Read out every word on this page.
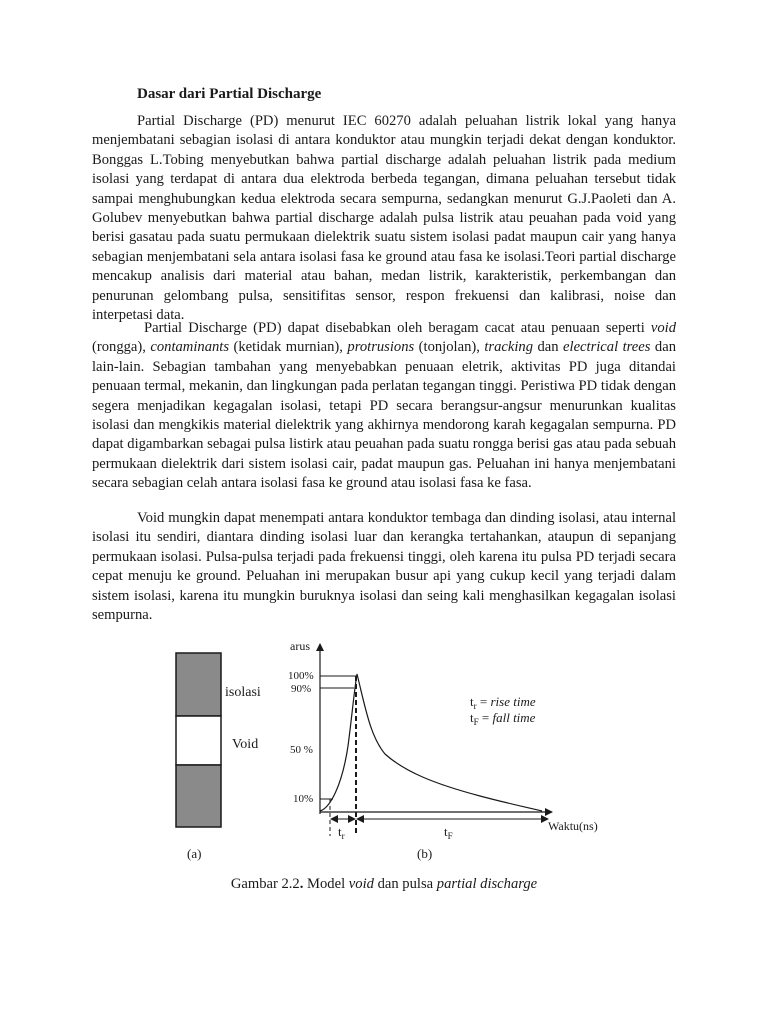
Dasar dari Partial Discharge

Partial Discharge (PD) menurut IEC 60270 adalah peluahan listrik lokal yang hanya menjembatani sebagian isolasi di antara konduktor atau mungkin terjadi dekat dengan konduktor. Bonggas L.Tobing menyebutkan bahwa partial discharge adalah peluahan listrik pada medium isolasi yang terdapat di antara dua elektroda berbeda tegangan, dimana peluahan tersebut tidak sampai menghubungkan kedua elektroda secara sempurna, sedangkan menurut G.J.Paoleti dan A. Golubev menyebutkan bahwa partial discharge adalah pulsa listrik atau peuahan pada void yang berisi gasatau pada suatu permukaan dielektrik suatu sistem isolasi padat maupun cair yang hanya sebagian menjembatani sela antara isolasi fasa ke ground atau fasa ke isolasi.Teori partial discharge mencakup analisis dari material atau bahan, medan listrik, karakteristik, perkembangan dan penurunan gelombang pulsa, sensitifitas sensor, respon frekuensi dan kalibrasi, noise dan interpetasi data.
Partial Discharge (PD) dapat disebabkan oleh beragam cacat atau penuaan seperti void (rongga), contaminants (ketidak murnian), protrusions (tonjolan), tracking dan electrical trees dan lain-lain. Sebagian tambahan yang menyebabkan penuaan eletrik, aktivitas PD juga ditandai penuaan termal, mekanin, dan lingkungan pada perlatan tegangan tinggi. Peristiwa PD tidak dengan segera menjadikan kegagalan isolasi, tetapi PD secara berangsur-angsur menurunkan kualitas isolasi dan mengkikis material dielektrik yang akhirnya mendorong karah kegagalan sempurna. PD dapat digambarkan sebagai pulsa listirk atau peuahan pada suatu rongga berisi gas atau pada sebuah permukaan dielektrik dari sistem isolasi cair, padat maupun gas. Peluahan ini hanya menjembatani secara sebagian celah antara isolasi fasa ke ground atau isolasi fasa ke fasa.
Void mungkin dapat menempati antara konduktor tembaga dan dinding isolasi, atau internal isolasi itu sendiri, diantara dinding isolasi luar dan kerangka tertahankan, ataupun di sepanjang permukaan isolasi. Pulsa-pulsa terjadi pada frekuensi tinggi, oleh karena itu pulsa PD terjadi secara cepat menuju ke ground. Peluahan ini merupakan busur api yang cukup kecil yang terjadi dalam sistem isolasi, karena itu mungkin buruknya isolasi dan seing kali menghasilkan kegagalan isolasi sempurna.
isolasi
Void
(a)
arus
Waktu(ns)
100%
90%
50 %
10%
$t_r$	$t_F$
$t_r$ = rise time
$t_F$ = fall time
(b)

Gambar 2.2. Model void dan pulsa partial discharge
